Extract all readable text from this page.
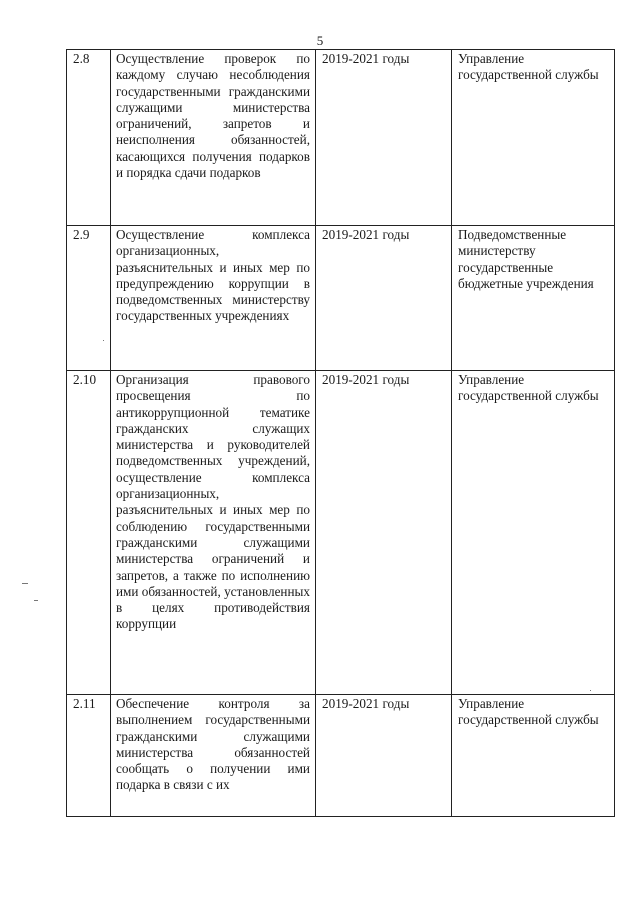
5
2.8	Осуществление проверок по каждому случаю несоблюдения государственными гражданскими служащими министерства ограничений, запретов и неисполнения обязанностей, касающихся получения подарков и порядка сдачи подарков	2019-2021 годы	Управление государственной службы
2.9	Осуществление комплекса организационных, разъяснительных и иных мер по предупреждению коррупции в подведомственных министерству государственных учреждениях	2019-2021 годы	Подведомственные министерству государственные бюджетные учреждения
2.10	Организация правового просвещения по антикоррупционной тематике гражданских служащих министерства и руководителей подведомственных учреждений, осуществление комплекса организационных, разъяснительных и иных мер по соблюдению государственными гражданскими служащими министерства ограничений и запретов, а также по исполнению ими обязанностей, установленных в целях противодействия коррупции	2019-2021 годы	Управление государственной службы
2.11	Обеспечение контроля за выполнением государственными гражданскими служащими министерства обязанностей сообщать о получении ими подарка в связи с их	2019-2021 годы	Управление государственной службы
